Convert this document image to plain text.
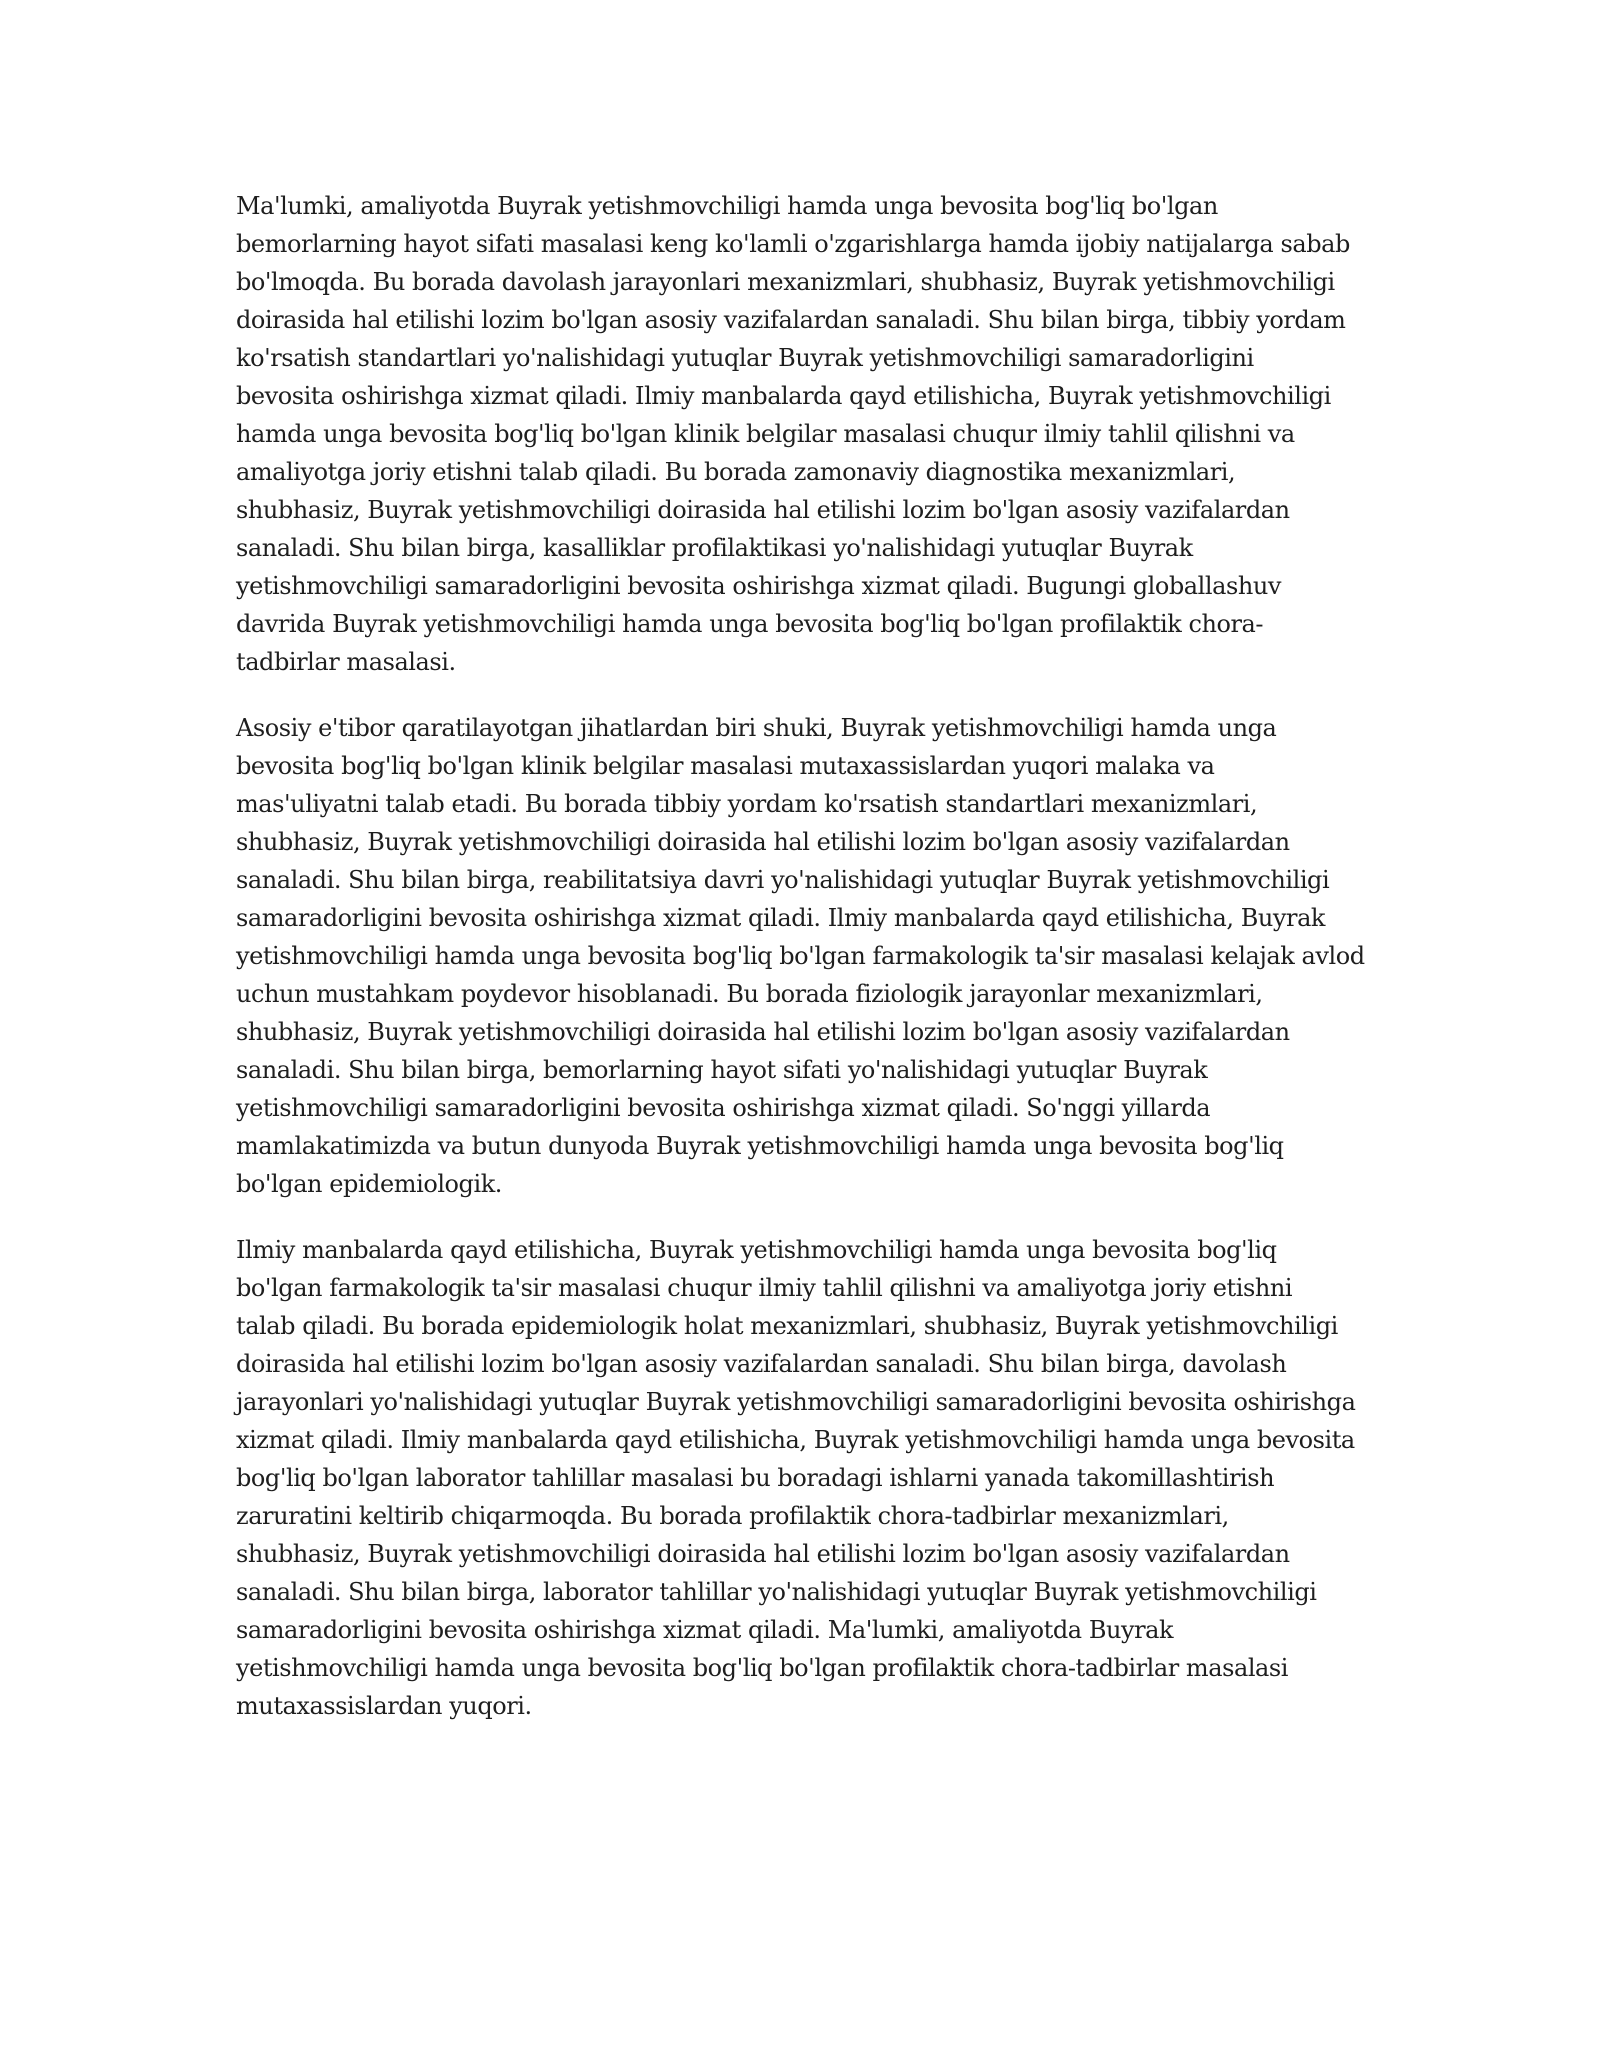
Ma'lumki, amaliyotda Buyrak yetishmovchiligi hamda unga bevosita bog'liq bo'lgan
bemorlarning hayot sifati masalasi keng ko'lamli o'zgarishlarga hamda ijobiy natijalarga sabab
bo'lmoqda. Bu borada davolash jarayonlari mexanizmlari, shubhasiz, Buyrak yetishmovchiligi
doirasida hal etilishi lozim bo'lgan asosiy vazifalardan sanaladi. Shu bilan birga, tibbiy yordam
ko'rsatish standartlari yo'nalishidagi yutuqlar Buyrak yetishmovchiligi samaradorligini
bevosita oshirishga xizmat qiladi. Ilmiy manbalarda qayd etilishicha, Buyrak yetishmovchiligi
hamda unga bevosita bog'liq bo'lgan klinik belgilar masalasi chuqur ilmiy tahlil qilishni va
amaliyotga joriy etishni talab qiladi. Bu borada zamonaviy diagnostika mexanizmlari,
shubhasiz, Buyrak yetishmovchiligi doirasida hal etilishi lozim bo'lgan asosiy vazifalardan
sanaladi. Shu bilan birga, kasalliklar profilaktikasi yo'nalishidagi yutuqlar Buyrak
yetishmovchiligi samaradorligini bevosita oshirishga xizmat qiladi. Bugungi globallashuv
davrida Buyrak yetishmovchiligi hamda unga bevosita bog'liq bo'lgan profilaktik chora-
tadbirlar masalasi.

Asosiy e'tibor qaratilayotgan jihatlardan biri shuki, Buyrak yetishmovchiligi hamda unga
bevosita bog'liq bo'lgan klinik belgilar masalasi mutaxassislardan yuqori malaka va
mas'uliyatni talab etadi. Bu borada tibbiy yordam ko'rsatish standartlari mexanizmlari,
shubhasiz, Buyrak yetishmovchiligi doirasida hal etilishi lozim bo'lgan asosiy vazifalardan
sanaladi. Shu bilan birga, reabilitatsiya davri yo'nalishidagi yutuqlar Buyrak yetishmovchiligi
samaradorligini bevosita oshirishga xizmat qiladi. Ilmiy manbalarda qayd etilishicha, Buyrak
yetishmovchiligi hamda unga bevosita bog'liq bo'lgan farmakologik ta'sir masalasi kelajak avlod
uchun mustahkam poydevor hisoblanadi. Bu borada fiziologik jarayonlar mexanizmlari,
shubhasiz, Buyrak yetishmovchiligi doirasida hal etilishi lozim bo'lgan asosiy vazifalardan
sanaladi. Shu bilan birga, bemorlarning hayot sifati yo'nalishidagi yutuqlar Buyrak
yetishmovchiligi samaradorligini bevosita oshirishga xizmat qiladi. So'nggi yillarda
mamlakatimizda va butun dunyoda Buyrak yetishmovchiligi hamda unga bevosita bog'liq
bo'lgan epidemiologik.

Ilmiy manbalarda qayd etilishicha, Buyrak yetishmovchiligi hamda unga bevosita bog'liq
bo'lgan farmakologik ta'sir masalasi chuqur ilmiy tahlil qilishni va amaliyotga joriy etishni
talab qiladi. Bu borada epidemiologik holat mexanizmlari, shubhasiz, Buyrak yetishmovchiligi
doirasida hal etilishi lozim bo'lgan asosiy vazifalardan sanaladi. Shu bilan birga, davolash
jarayonlari yo'nalishidagi yutuqlar Buyrak yetishmovchiligi samaradorligini bevosita oshirishga
xizmat qiladi. Ilmiy manbalarda qayd etilishicha, Buyrak yetishmovchiligi hamda unga bevosita
bog'liq bo'lgan laborator tahlillar masalasi bu boradagi ishlarni yanada takomillashtirish
zaruratini keltirib chiqarmoqda. Bu borada profilaktik chora-tadbirlar mexanizmlari,
shubhasiz, Buyrak yetishmovchiligi doirasida hal etilishi lozim bo'lgan asosiy vazifalardan
sanaladi. Shu bilan birga, laborator tahlillar yo'nalishidagi yutuqlar Buyrak yetishmovchiligi
samaradorligini bevosita oshirishga xizmat qiladi. Ma'lumki, amaliyotda Buyrak
yetishmovchiligi hamda unga bevosita bog'liq bo'lgan profilaktik chora-tadbirlar masalasi
mutaxassislardan yuqori.
